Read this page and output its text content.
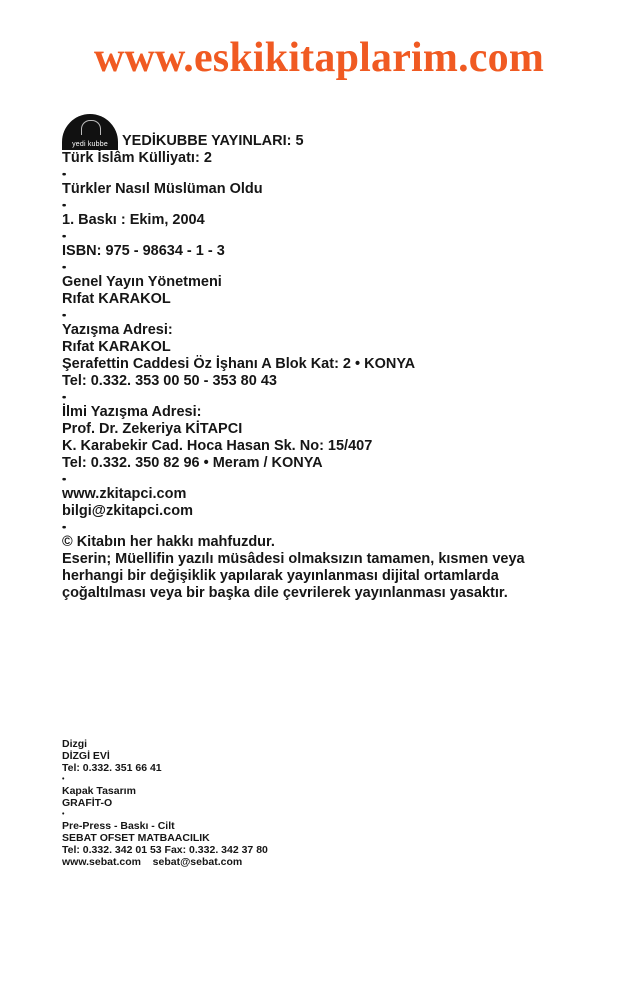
www.eskikitaplarim.com
yedi kubbe YEDİKUBBE YAYINLARI: 5
Türk İslâm Külliyatı: 2
••
Türkler Nasıl Müslüman Oldu
••
1. Baskı : Ekim, 2004
••
ISBN: 975 - 98634 - 1 - 3
••
Genel Yayın Yönetmeni
Rıfat KARAKOL
••
Yazışma Adresi:
Rıfat KARAKOL
Şerafettin Caddesi Öz İşhanı A Blok Kat: 2 • KONYA
Tel: 0.332. 353 00 50 - 353 80 43
••
İlmi Yazışma Adresi:
Prof. Dr. Zekeriya KİTAPCI
K. Karabekir Cad. Hoca Hasan Sk. No: 15/407
Tel: 0.332. 350 82 96 • Meram / KONYA
••
www.zkitapci.com
bilgi@zkitapci.com
••
© Kitabın her hakkı mahfuzdur.
Eserin; Müellifin yazılı müsâdesi olmaksızın tamamen, kısmen veya herhangi bir değişiklik yapılarak yayınlanması dijital ortamlarda çoğaltılması veya bir başka dile çevrilerek yayınlanması yasaktır.
Dizgi
DİZGİ EVİ
Tel: 0.332. 351 66 41
•
Kapak Tasarım
GRAFİT-O
•
Pre-Press - Baskı - Cilt
SEBAT OFSET MATBAACILIK
Tel: 0.332. 342 01 53 Fax: 0.332. 342 37 80
www.sebat.com    sebat@sebat.com
